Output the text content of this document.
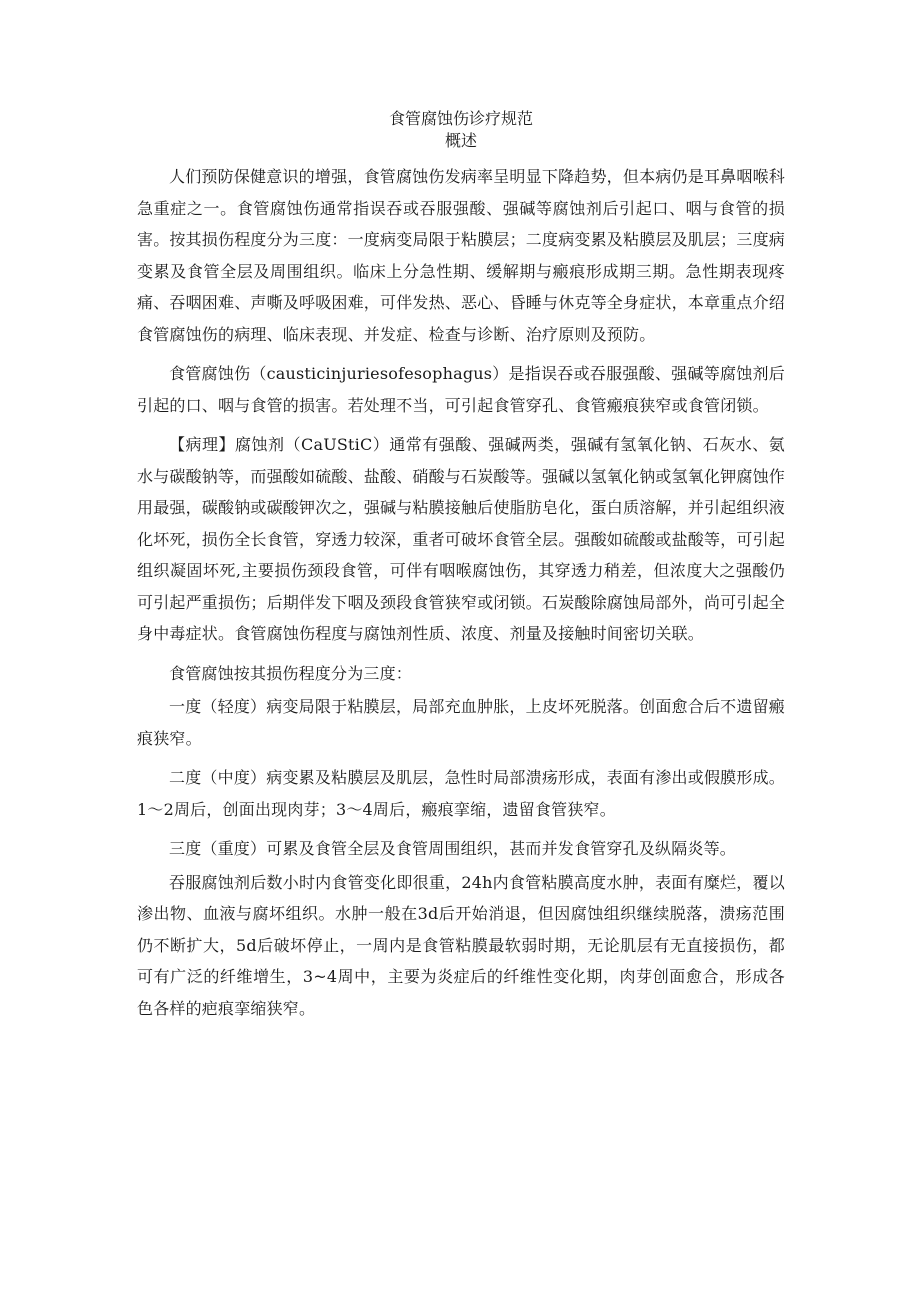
食管腐蚀伤诊疗规范
概述

人们预防保健意识的增强，食管腐蚀伤发病率呈明显下降趋势，但本病仍是耳鼻咽喉科急重症之一。食管腐蚀伤通常指误吞或吞服强酸、强碱等腐蚀剂后引起口、咽与食管的损害。按其损伤程度分为三度：一度病变局限于粘膜层；二度病变累及粘膜层及肌层；三度病变累及食管全层及周围组织。临床上分急性期、缓解期与瘢痕形成期三期。急性期表现疼痛、吞咽困难、声嘶及呼吸困难，可伴发热、恶心、昏睡与休克等全身症状，本章重点介绍食管腐蚀伤的病理、临床表现、并发症、检查与诊断、治疗原则及预防。

食管腐蚀伤（causticinjuriesofesophagus）是指误吞或吞服强酸、强碱等腐蚀剂后引起的口、咽与食管的损害。若处理不当，可引起食管穿孔、食管瘢痕狭窄或食管闭锁。

【病理】腐蚀剂（CaUStiC）通常有强酸、强碱两类，强碱有氢氧化钠、石灰水、氨水与碳酸钠等，而强酸如硫酸、盐酸、硝酸与石炭酸等。强碱以氢氧化钠或氢氧化钾腐蚀作用最强，碳酸钠或碳酸钾次之，强碱与粘膜接触后使脂肪皂化，蛋白质溶解，并引起组织液化坏死，损伤全长食管，穿透力较深，重者可破坏食管全层。强酸如硫酸或盐酸等，可引起组织凝固坏死,主要损伤颈段食管，可伴有咽喉腐蚀伤，其穿透力稍差，但浓度大之强酸仍可引起严重损伤；后期伴发下咽及颈段食管狭窄或闭锁。石炭酸除腐蚀局部外，尚可引起全身中毒症状。食管腐蚀伤程度与腐蚀剂性质、浓度、剂量及接触时间密切关联。

食管腐蚀按其损伤程度分为三度：

一度（轻度）病变局限于粘膜层，局部充血肿胀，上皮坏死脱落。创面愈合后不遗留瘢痕狭窄。

二度（中度）病变累及粘膜层及肌层，急性时局部溃疡形成，表面有渗出或假膜形成。1～2周后，创面出现肉芽；3～4周后，瘢痕挛缩，遗留食管狭窄。

三度（重度）可累及食管全层及食管周围组织，甚而并发食管穿孔及纵隔炎等。

吞服腐蚀剂后数小时内食管变化即很重，24h内食管粘膜高度水肿，表面有糜烂，覆以渗出物、血液与腐坏组织。水肿一般在3d后开始消退，但因腐蚀组织继续脱落，溃疡范围仍不断扩大，5d后破坏停止，一周内是食管粘膜最软弱时期，无论肌层有无直接损伤，都可有广泛的纤维增生，3~4周中，主要为炎症后的纤维性变化期，肉芽创面愈合，形成各色各样的疤痕挛缩狭窄。
